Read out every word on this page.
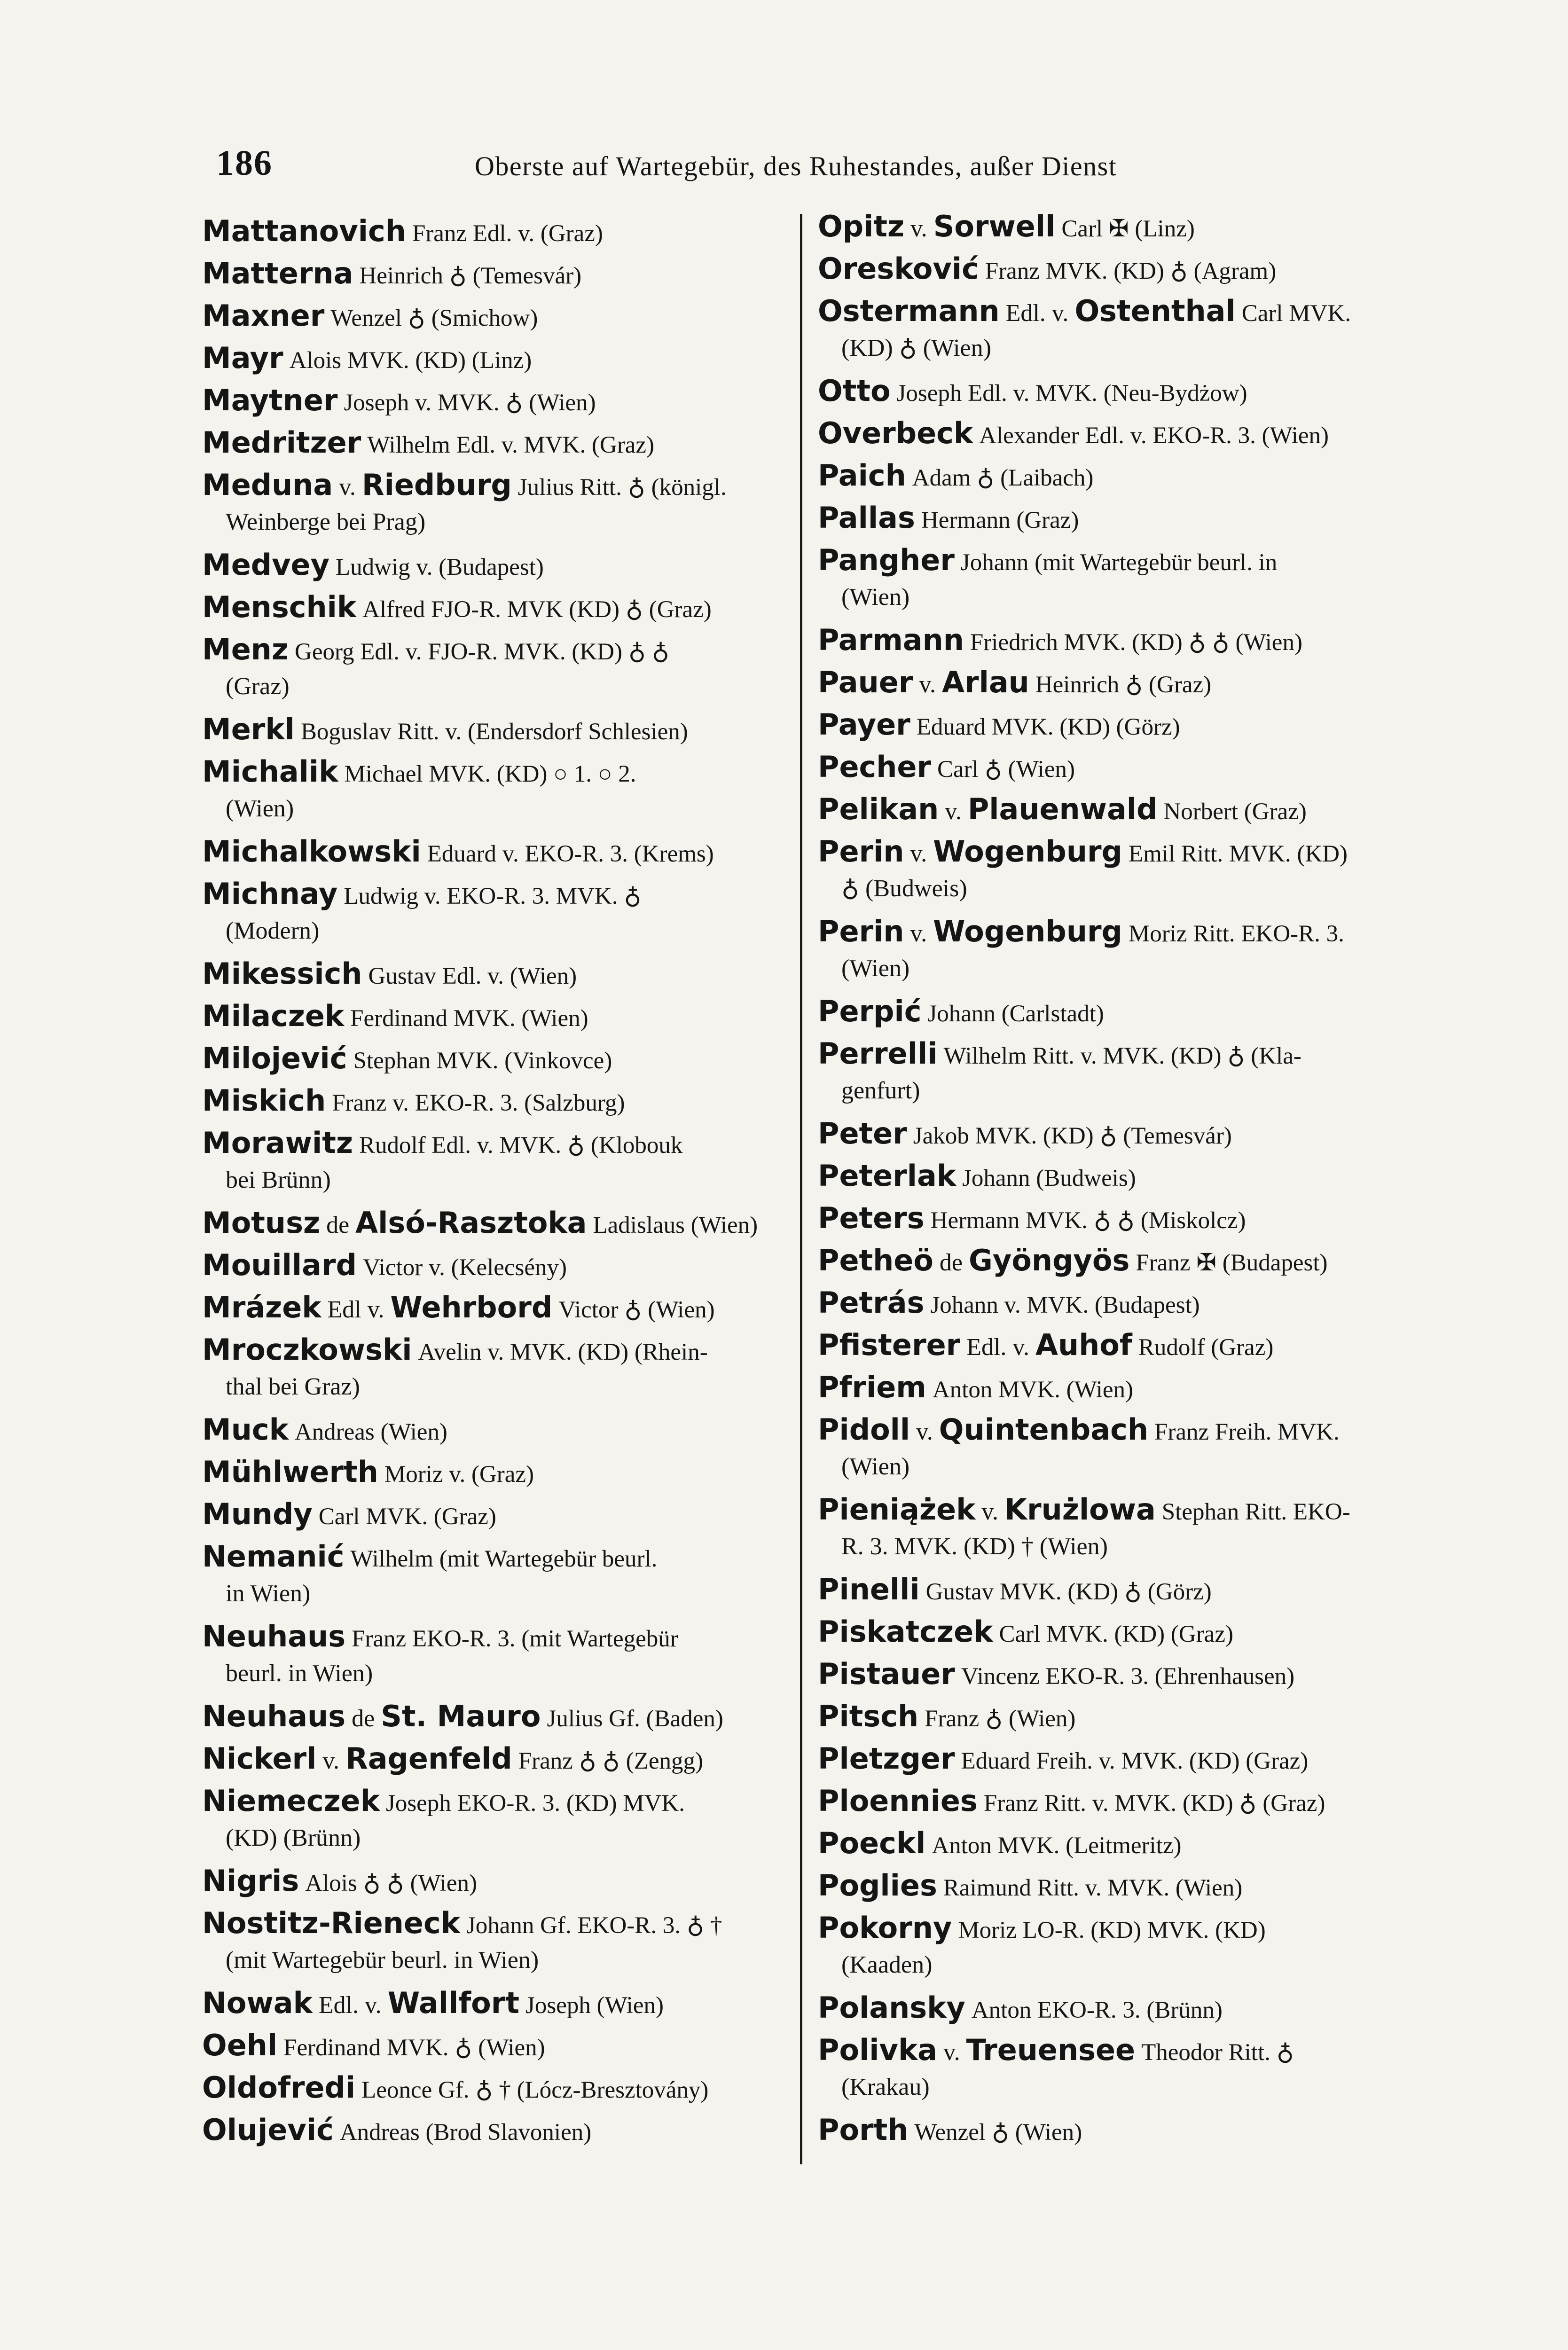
186	Oberste auf Wartegebür, des Ruhestandes, außer Dienst
Mattanovich Franz Edl. v. (Graz)
Matterna Heinrich ♁ (Temesvár)
Maxner Wenzel ♁ (Smichow)
Mayr Alois MVK. (KD) (Linz)
Maytner Joseph v. MVK. ♁ (Wien)
Medritzer Wilhelm Edl. v. MVK. (Graz)
Meduna v. Riedburg Julius Ritt. ♁ (königl.
Weinberge bei Prag)
Medvey Ludwig v. (Budapest)
Menschik Alfred FJO-R. MVK (KD) ♁ (Graz)
Menz Georg Edl. v. FJO-R. MVK. (KD) ♁ ♁
(Graz)
Merkl Boguslav Ritt. v. (Endersdorf Schlesien)
Michalik Michael MVK. (KD) ○ 1. ○ 2.
(Wien)
Michalkowski Eduard v. EKO-R. 3. (Krems)
Michnay Ludwig v. EKO-R. 3. MVK. ♁
(Modern)
Mikessich Gustav Edl. v. (Wien)
Milaczek Ferdinand MVK. (Wien)
Milojević Stephan MVK. (Vinkovce)
Miskich Franz v. EKO-R. 3. (Salzburg)
Morawitz Rudolf Edl. v. MVK. ♁ (Klobouk
bei Brünn)
Motusz de Alsó-Rasztoka Ladislaus (Wien)
Mouillard Victor v. (Kelecsény)
Mrázek Edl v. Wehrbord Victor ♁ (Wien)
Mroczkowski Avelin v. MVK. (KD) (Rhein-
thal bei Graz)
Muck Andreas (Wien)
Mühlwerth Moriz v. (Graz)
Mundy Carl MVK. (Graz)
Nemanić Wilhelm (mit Wartegebür beurl.
in Wien)
Neuhaus Franz EKO-R. 3. (mit Wartegebür
beurl. in Wien)
Neuhaus de St. Mauro Julius Gf. (Baden)
Nickerl v. Ragenfeld Franz ♁ ♁ (Zengg)
Niemeczek Joseph EKO-R. 3. (KD) MVK.
(KD) (Brünn)
Nigris Alois ♁ ♁ (Wien)
Nostitz-Rieneck Johann Gf. EKO-R. 3. ♁ †
(mit Wartegebür beurl. in Wien)
Nowak Edl. v. Wallfort Joseph (Wien)
Oehl Ferdinand MVK. ♁ (Wien)
Oldofredi Leonce Gf. ♁ † (Lócz-Bresztovány)
Olujević Andreas (Brod Slavonien)
Opitz v. Sorwell Carl ✠ (Linz)
Oresković Franz MVK. (KD) ♁ (Agram)
Ostermann Edl. v. Ostenthal Carl MVK.
(KD) ♁ (Wien)
Otto Joseph Edl. v. MVK. (Neu-Bydżow)
Overbeck Alexander Edl. v. EKO-R. 3. (Wien)
Paich Adam ♁ (Laibach)
Pallas Hermann (Graz)
Pangher Johann (mit Wartegebür beurl. in
(Wien)
Parmann Friedrich MVK. (KD) ♁ ♁ (Wien)
Pauer v. Arlau Heinrich ♁ (Graz)
Payer Eduard MVK. (KD) (Görz)
Pecher Carl ♁ (Wien)
Pelikan v. Plauenwald Norbert (Graz)
Perin v. Wogenburg Emil Ritt. MVK. (KD)
♁ (Budweis)
Perin v. Wogenburg Moriz Ritt. EKO-R. 3.
(Wien)
Perpić Johann (Carlstadt)
Perrelli Wilhelm Ritt. v. MVK. (KD) ♁ (Kla-
genfurt)
Peter Jakob MVK. (KD) ♁ (Temesvár)
Peterlak Johann (Budweis)
Peters Hermann MVK. ♁ ♁ (Miskolcz)
Petheö de Gyöngyös Franz ✠ (Budapest)
Petrás Johann v. MVK. (Budapest)
Pfisterer Edl. v. Auhof Rudolf (Graz)
Pfriem Anton MVK. (Wien)
Pidoll v. Quintenbach Franz Freih. MVK.
(Wien)
Pieniążek v. Krużlowa Stephan Ritt. EKO-
R. 3. MVK. (KD) † (Wien)
Pinelli Gustav MVK. (KD) ♁ (Görz)
Piskatczek Carl MVK. (KD) (Graz)
Pistauer Vincenz EKO-R. 3. (Ehrenhausen)
Pitsch Franz ♁ (Wien)
Pletzger Eduard Freih. v. MVK. (KD) (Graz)
Ploennies Franz Ritt. v. MVK. (KD) ♁ (Graz)
Poeckl Anton MVK. (Leitmeritz)
Poglies Raimund Ritt. v. MVK. (Wien)
Pokorny Moriz LO-R. (KD) MVK. (KD)
(Kaaden)
Polansky Anton EKO-R. 3. (Brünn)
Polivka v. Treuensee Theodor Ritt. ♁
(Krakau)
Porth Wenzel ♁ (Wien)
